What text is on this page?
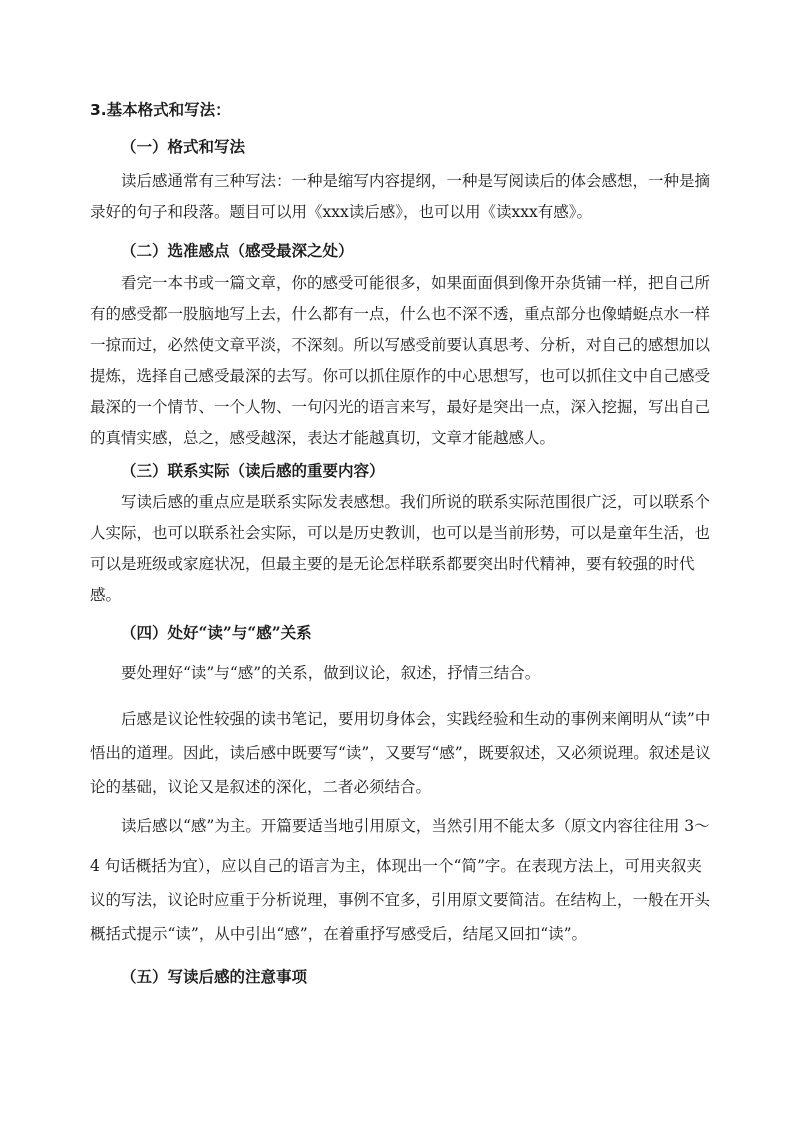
3.基本格式和写法：
（一）格式和写法
读后感通常有三种写法：一种是缩写内容提纲，一种是写阅读后的体会感想，一种是摘
录好的句子和段落。题目可以用《xxx读后感》，也可以用《读xxx有感》。
（二）选准感点（感受最深之处）
看完一本书或一篇文章，你的感受可能很多，如果面面俱到像开杂货铺一样，把自己所
有的感受都一股脑地写上去，什么都有一点，什么也不深不透，重点部分也像蜻蜓点水一样
一掠而过，必然使文章平淡，不深刻。所以写感受前要认真思考、分析，对自己的感想加以
提炼，选择自己感受最深的去写。你可以抓住原作的中心思想写，也可以抓住文中自己感受
最深的一个情节、一个人物、一句闪光的语言来写，最好是突出一点，深入挖掘，写出自己
的真情实感，总之，感受越深，表达才能越真切，文章才能越感人。
（三）联系实际（读后感的重要内容）
写读后感的重点应是联系实际发表感想。我们所说的联系实际范围很广泛，可以联系个
人实际，也可以联系社会实际，可以是历史教训，也可以是当前形势，可以是童年生活，也
可以是班级或家庭状况，但最主要的是无论怎样联系都要突出时代精神，要有较强的时代
感。
（四）处好“读”与“感”关系
要处理好“读”与“感”的关系，做到议论，叙述，抒情三结合。
后感是议论性较强的读书笔记，要用切身体会，实践经验和生动的事例来阐明从“读”中
悟出的道理。因此，读后感中既要写“读”，又要写“感”，既要叙述，又必须说理。叙述是议
论的基础，议论又是叙述的深化，二者必须结合。
读后感以“感”为主。开篇要适当地引用原文，当然引用不能太多（原文内容往往用 3～
4 句话概括为宜），应以自己的语言为主，体现出一个“简”字。在表现方法上，可用夹叙夹
议的写法，议论时应重于分析说理，事例不宜多，引用原文要简洁。在结构上，一般在开头
概括式提示“读”，从中引出“感”，在着重抒写感受后，结尾又回扣“读”。
（五）写读后感的注意事项
